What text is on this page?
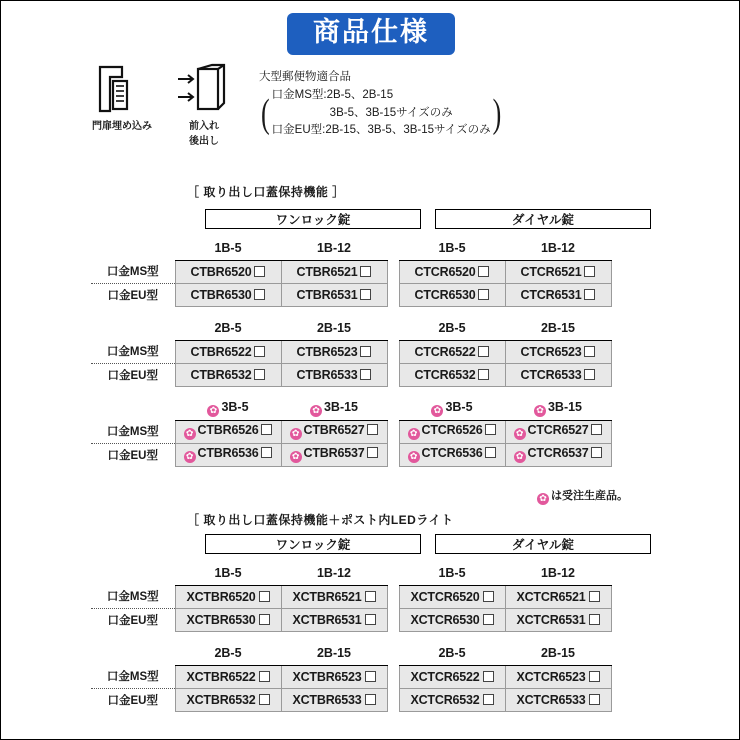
商品仕様
門扉埋め込み	前入れ
後出し
大型郵便物適合品
( 口金MS型:2B-5、2B-15
3B-5、3B-15サイズのみ
口金EU型:2B-15、3B-5、3B-15サイズのみ )
［ 取り出し口蓋保持機能 ］
ワンロック錠	ダイヤル錠
	1B-5	1B-12		1B-5	1B-12
口金MS型	CTBR6520	CTBR6521		CTCR6520	CTCR6521
口金EU型	CTBR6530	CTBR6531		CTCR6530	CTCR6531
	2B-5	2B-15		2B-5	2B-15
口金MS型	CTBR6522	CTBR6523		CTCR6522	CTCR6523
口金EU型	CTBR6532	CTBR6533		CTCR6532	CTCR6533
	✿ 3B-5	✿ 3B-15		✿ 3B-5	✿ 3B-15
口金MS型	✿ CTBR6526	✿ CTBR6527		✿ CTCR6526	✿ CTCR6527
口金EU型	✿ CTBR6536	✿ CTBR6537		✿ CTCR6536	✿ CTCR6537
✿ は受注生産品。
［ 取り出し口蓋保持機能＋ポスト内LEDライト
ワンロック錠	ダイヤル錠
	1B-5	1B-12		1B-5	1B-12
口金MS型	XCTBR6520	XCTBR6521		XCTCR6520	XCTCR6521
口金EU型	XCTBR6530	XCTBR6531		XCTCR6530	XCTCR6531
	2B-5	2B-15		2B-5	2B-15
口金MS型	XCTBR6522	XCTBR6523		XCTCR6522	XCTCR6523
口金EU型	XCTBR6532	XCTBR6533		XCTCR6532	XCTCR6533
